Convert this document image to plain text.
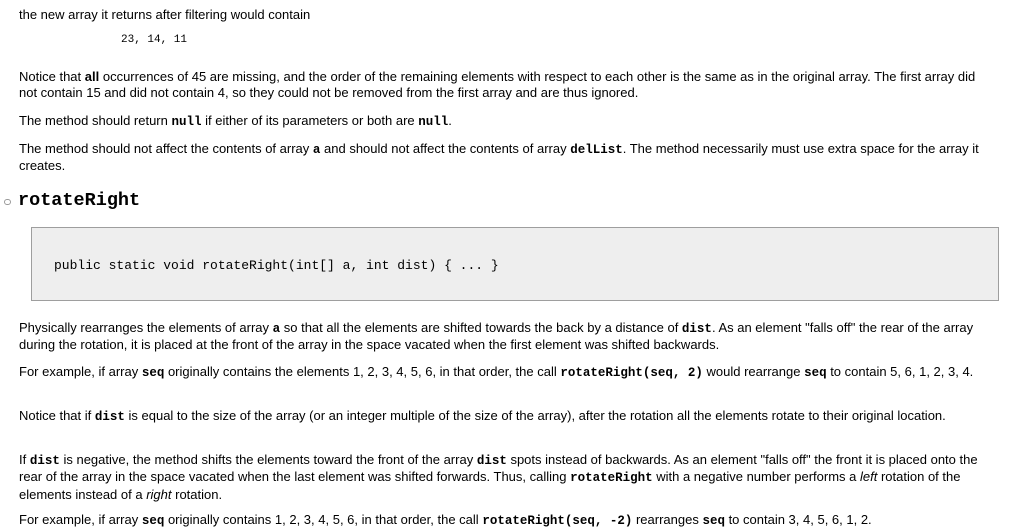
the new array it returns after filtering would contain

23, 14, 11

Notice that all occurrences of 45 are missing, and the order of the remaining elements with respect to each other is the same as in the original array. The first array did not contain 15 and did not contain 4, so they could not be removed from the first array and are thus ignored.

The method should return null if either of its parameters or both are null.

The method should not affect the contents of array a and should not affect the contents of array delList. The method necessarily must use extra space for the array it creates.

rotateRight
public static void rotateRight(int[] a, int dist) { ... }

Physically rearranges the elements of array a so that all the elements are shifted towards the back by a distance of dist. As an element "falls off" the rear of the array during the rotation, it is placed at the front of the array in the space vacated when the first element was shifted backwards.

For example, if array seq originally contains the elements 1, 2, 3, 4, 5, 6, in that order, the call rotateRight(seq, 2) would rearrange seq to contain 5, 6, 1, 2, 3, 4.

Notice that if dist is equal to the size of the array (or an integer multiple of the size of the array), after the rotation all the elements rotate to their original location.

If dist is negative, the method shifts the elements toward the front of the array dist spots instead of backwards. As an element "falls off" the front it is placed onto the rear of the array in the space vacated when the last element was shifted forwards. Thus, calling rotateRight with a negative number performs a left rotation of the elements instead of a right rotation.

For example, if array seq originally contains 1, 2, 3, 4, 5, 6, in that order, the call rotateRight(seq, -2) rearranges seq to contain 3, 4, 5, 6, 1, 2.
